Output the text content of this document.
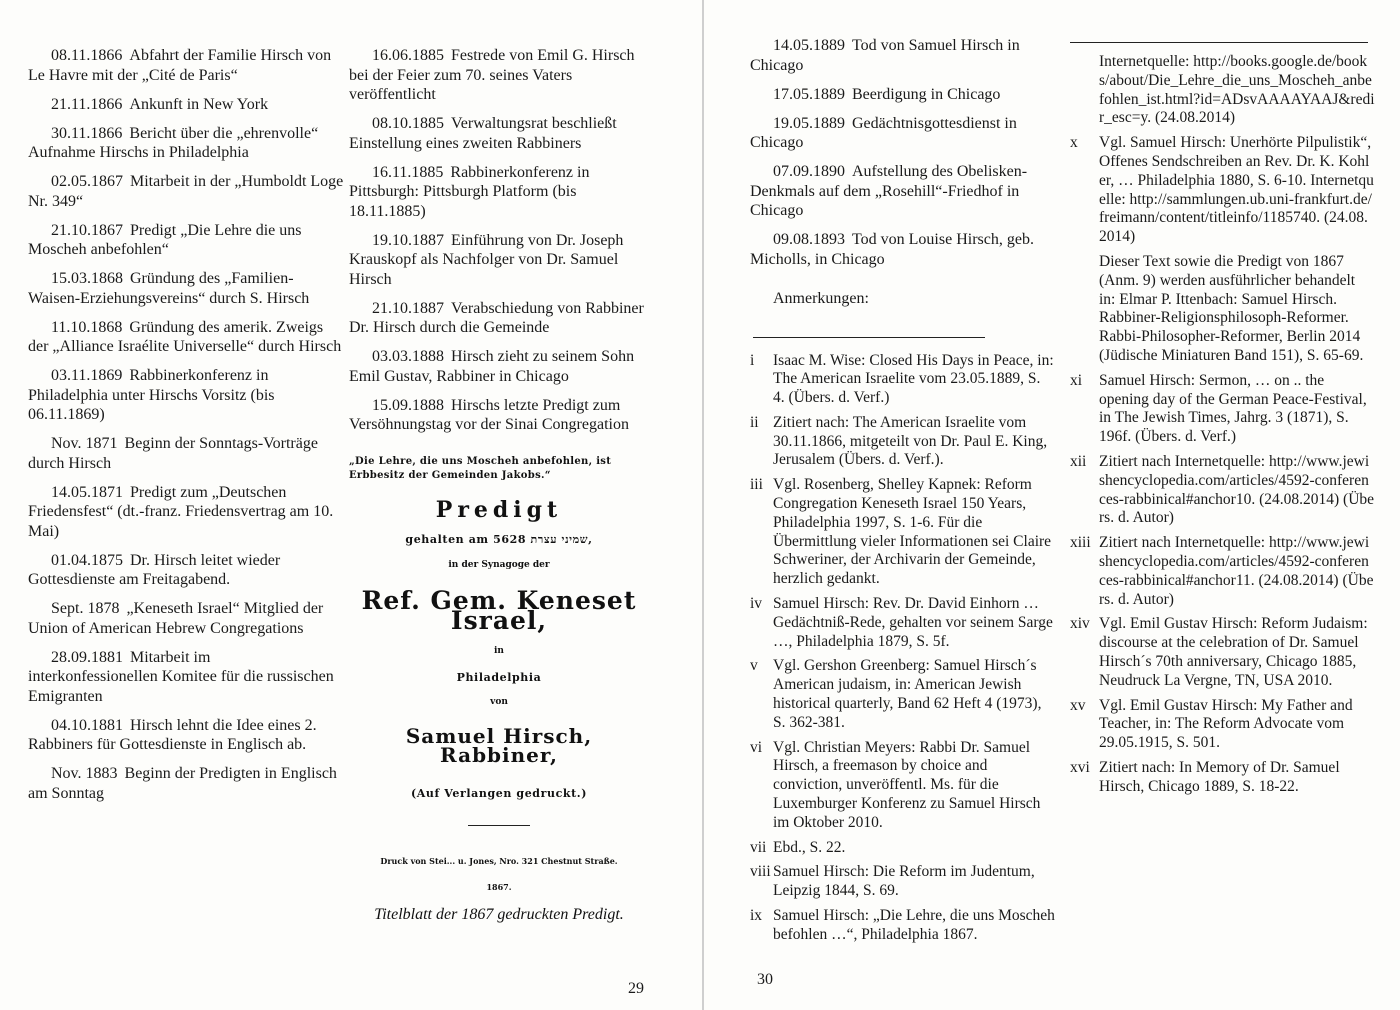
08.11.1866 Abfahrt der Familie Hirsch von Le Havre mit der „Cité de Paris“

21.11.1866 Ankunft in New York

30.11.1866 Bericht über die „ehrenvolle“ Aufnahme Hirschs in Philadelphia

02.05.1867 Mitarbeit in der „Humboldt Loge Nr. 349“

21.10.1867 Predigt „Die Lehre die uns Moscheh anbefohlen“

15.03.1868 Gründung des „Familien-Waisen-Erziehungsvereins“ durch S. Hirsch

11.10.1868 Gründung des amerik. Zweigs der „Alliance Israélite Universelle“ durch Hirsch

03.11.1869 Rabbinerkonferenz in Philadelphia unter Hirschs Vorsitz (bis 06.11.1869)

Nov. 1871 Beginn der Sonntags-Vorträge durch Hirsch

14.05.1871 Predigt zum „Deutschen Friedensfest“ (dt.-franz. Friedensvertrag am 10. Mai)

01.04.1875 Dr. Hirsch leitet wieder Gottesdienste am Freitagabend.

Sept. 1878 „Keneseth Israel“ Mitglied der Union of American Hebrew Congregations

28.09.1881 Mitarbeit im interkonfessionellen Komitee für die russischen Emigranten

04.10.1881 Hirsch lehnt die Idee eines 2. Rabbiners für Gottesdienste in Englisch ab.

Nov. 1883 Beginn der Predigten in Englisch am Sonntag

16.06.1885 Festrede von Emil G. Hirsch bei der Feier zum 70. seines Vaters veröffentlicht

08.10.1885 Verwaltungsrat beschließt Einstellung eines zweiten Rabbiners

16.11.1885 Rabbinerkonferenz in Pittsburgh: Pittsburgh Platform (bis 18.11.1885)

19.10.1887 Einführung von Dr. Joseph Krauskopf als Nachfolger von Dr. Samuel Hirsch

21.10.1887 Verabschiedung von Rabbiner Dr. Hirsch durch die Gemeinde

03.03.1888 Hirsch zieht zu seinem Sohn Emil Gustav, Rabbiner in Chicago

15.09.1888 Hirschs letzte Predigt zum Versöhnungstag vor der Sinai Congregation

„Die Lehre, die uns Moscheh anbefohlen, ist Erbbesitz der Gemeinden Jakobs.“
Predigt
gehalten am שמיני עצרת 5628,
in der Synagoge der
Ref. Gem. Keneset Israel,
in
Philadelphia
von
Samuel Hirsch, Rabbiner,
(Auf Verlangen gedruckt.)
Druck von Stei... u. Jones, Nro. 321 Chestnut Straße.
1867.
Titelblatt der 1867 gedruckten Predigt.
29

14.05.1889 Tod von Samuel Hirsch in Chicago

17.05.1889 Beerdigung in Chicago

19.05.1889 Gedächtnisgottesdienst in Chicago

07.09.1890 Aufstellung des Obelisken-Denkmals auf dem „Rosehill“-Friedhof in Chicago

09.08.1893 Tod von Louise Hirsch, geb. Micholls, in Chicago

Anmerkungen:
i	Isaac M. Wise: Closed His Days in Peace, in: The American Israelite vom 23.05.1889, S. 4. (Übers. d. Verf.)
ii Zitiert nach: The American Israelite vom 30.11.1866, mitgeteilt von Dr. Paul E. King, Jerusalem (Übers. d. Verf.).
iii Vgl. Rosenberg, Shelley Kapnek: Reform Congregation Keneseth Israel 150 Years, Philadelphia 1997, S. 1-6. Für die Übermittlung vieler Informationen sei Claire Schweriner, der Archivarin der Gemeinde, herzlich gedankt.
iv Samuel Hirsch: Rev. Dr. David Einhorn … Gedächtniß-Rede, gehalten vor seinem Sarge …, Philadelphia 1879, S. 5f.
v Vgl. Gershon Greenberg: Samuel Hirsch´s American judaism, in: American Jewish historical quarterly, Band 62 Heft 4 (1973), S. 362-381.
vi Vgl. Christian Meyers: Rabbi Dr. Samuel Hirsch, a freemason by choice and conviction, unveröffentl. Ms. für die Luxemburger Konferenz zu Samuel Hirsch im Oktober 2010.
vii Ebd., S. 22.
viii Samuel Hirsch: Die Reform im Judentum, Leipzig 1844, S. 69.
ix Samuel Hirsch: „Die Lehre, die uns Moscheh befohlen …“, Philadelphia 1867.
Internetquelle: http://books.google.de/books/about/Die_Lehre_die_uns_Moscheh_anbefohlen_ist.html?id=ADsvAAAAYAAJ&redir_esc=y. (24.08.2014)
x	Vgl. Samuel Hirsch: Unerhörte Pilpulistik“, Offenes Sendschreiben an Rev. Dr. K. Kohler, … Philadelphia 1880, S. 6-10. Internetquelle: http://sammlungen.ub.uni-frankfurt.de/freimann/content/titleinfo/1185740. (24.08.2014)
Dieser Text sowie die Predigt von 1867 (Anm. 9) werden ausführlicher behandelt in: Elmar P. Ittenbach: Samuel Hirsch. Rabbiner-Religionsphilosoph-Reformer. Rabbi-Philosopher-Reformer, Berlin 2014 (Jüdische Miniaturen Band 151), S. 65-69.
xi	Samuel Hirsch: Sermon, … on .. the opening day of the German Peace-Festival, in The Jewish Times, Jahrg. 3 (1871), S. 196f. (Übers. d. Verf.)
xii Zitiert nach Internetquelle: http://www.jewishencyclopedia.com/articles/4592-conferences-rabbinical#anchor10. (24.08.2014) (Übers. d. Autor)
xiii Zitiert nach Internetquelle: http://www.jewishencyclopedia.com/articles/4592-conferences-rabbinical#anchor11. (24.08.2014) (Übers. d. Autor)
xiv Vgl. Emil Gustav Hirsch: Reform Judaism: discourse at the celebration of Dr. Samuel Hirsch´s 70th anniversary, Chicago 1885, Neudruck La Vergne, TN, USA 2010.
xv Vgl. Emil Gustav Hirsch: My Father and Teacher, in: The Reform Advocate vom 29.05.1915, S. 501.
xvi Zitiert nach: In Memory of Dr. Samuel Hirsch, Chicago 1889, S. 18-22.
30
